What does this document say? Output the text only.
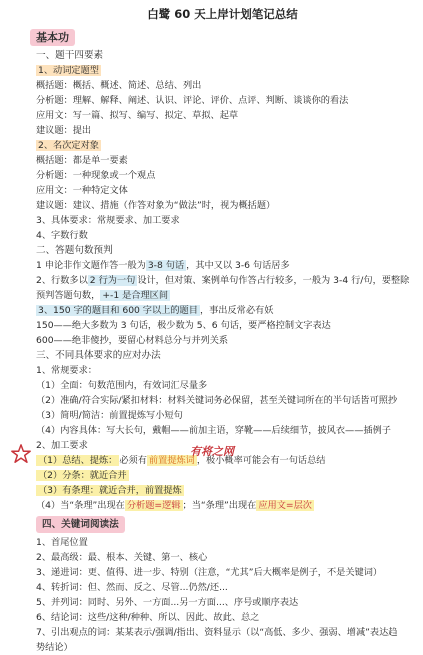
白鹭 60 天上岸计划笔记总结
基本功
一、题干四要素
1、动词定题型
概括题：概括、概述、简述、总结、列出
分析题：理解、解释、阐述、认识、评论、评价、点评、判断、谈谈你的看法
应用文：写一篇、拟写、编写、拟定、草拟、起草
建议题：提出
2、名次定对象
概括题：都是单一要素
分析题：一种现象或一个观点
应用文：一种特定文体
建议题：建议、措施（作答对象为“做法”时，视为概括题）
3、具体要求：常规要求、加工要求
4、字数行数
二、答题句数预判
1 申论非作文题作答一般为 3-8 句话 ，其中又以 3-6 句话居多
2、行数多以 2 行为一句 设计，但对策、案例单句作答占行较多，一般为 3-4 行/句，要整除
预判答题句数， +-1 是合理区间
3、150 字的题目和 600 字以上的题目 ，事出反常必有妖
150——绝大多数为 3 句话，极少数为 5、6 句话，要严格控制文字表达
600——绝非傻抄，要留心材料总分与并列关系
三、不同具体要求的应对办法
1、常规要求：
（1）全面：句数范围内，有效词汇尽量多
（2）准确/符合实际/紧扣材料：材料关键词务必保留，甚至关键词所在的半句话皆可照抄
（3）简明/简洁：前置提炼写小短句
（4）内容具体：写大长句，戴帽——前加主语，穿靴——后续细节，披风衣——插例子
2、加工要求
（1）总结、提炼： 必须有 前置提炼词 ，极小概率可能会有一句话总结
（2）分条：就近合并
（3）有条理：就近合并，前置提炼
（4）当“条理”出现在 分析题=逻辑 ；当“条理”出现在 应用文=层次
四、关键词阅读法
1、首尾位置
2、最高级：最、根本、关键、第一、核心
3、递进词：更、值得、进一步、特别（注意，“尤其”后大概率是例子，不是关键词）
4、转折词：但、然而、反之、尽管...仍然/还...
5、并列词：同时、另外、一方面...另一方面...、序号或顺序表达
6、结论词：这些/这种/种种、所以、因此、故此、总之
7、引出观点的词：某某表示/强调/指出、资料显示（以“高低、多少、强弱、增减”表达趋
势结论）
有将之网
